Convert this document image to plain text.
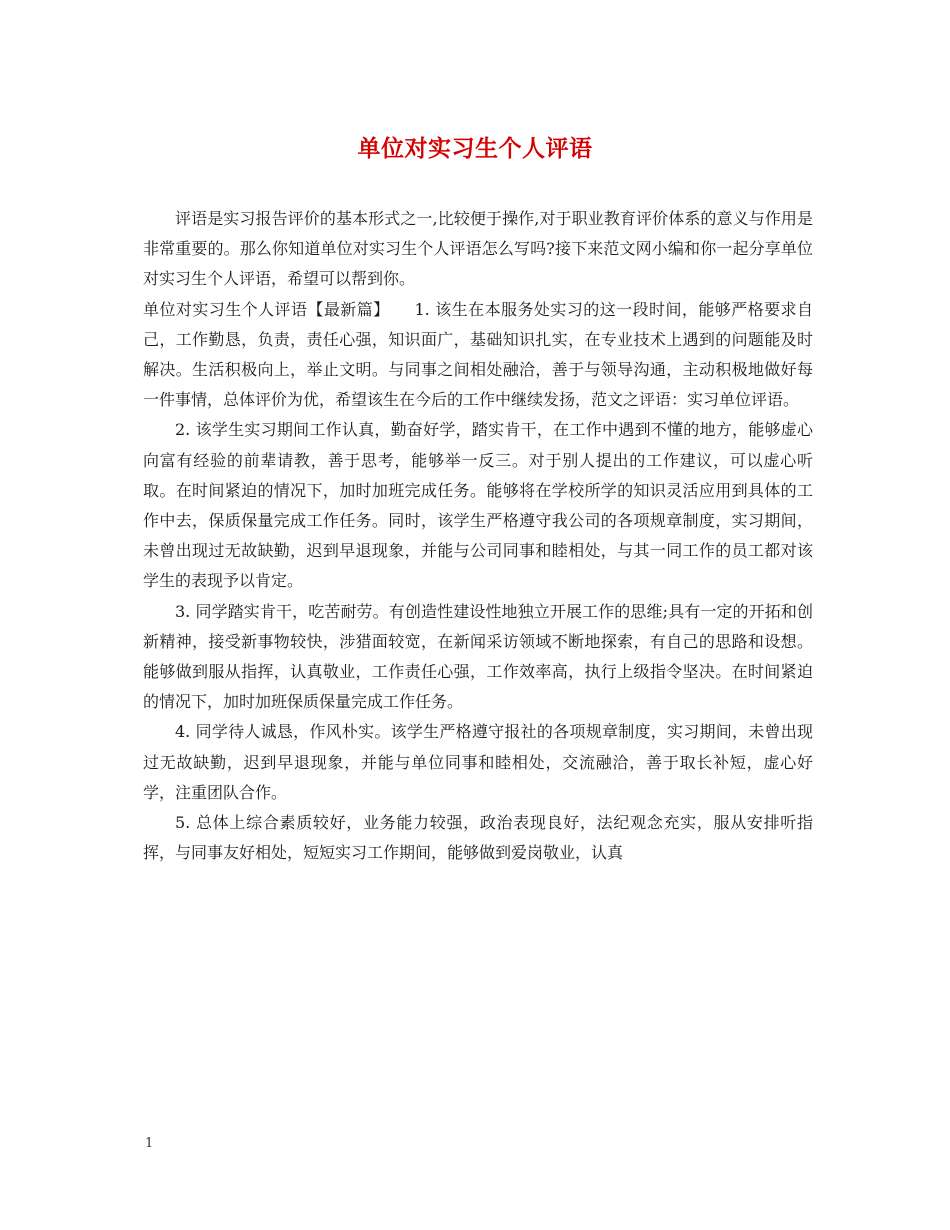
单位对实习生个人评语

评语是实习报告评价的基本形式之一,比较便于操作,对于职业教育评价体系的意义与作用是非常重要的。那么你知道单位对实习生个人评语怎么写吗?接下来范文网小编和你一起分享单位对实习生个人评语，希望可以帮到你。

单位对实习生个人评语【最新篇】　　1. 该生在本服务处实习的这一段时间，能够严格要求自己，工作勤恳，负责，责任心强，知识面广，基础知识扎实，在专业技术上遇到的问题能及时解决。生活积极向上，举止文明。与同事之间相处融洽，善于与领导沟通，主动积极地做好每一件事情，总体评价为优，希望该生在今后的工作中继续发扬，范文之评语：实习单位评语。

2. 该学生实习期间工作认真，勤奋好学，踏实肯干，在工作中遇到不懂的地方，能够虚心向富有经验的前辈请教，善于思考，能够举一反三。对于别人提出的工作建议，可以虚心听取。在时间紧迫的情况下，加时加班完成任务。能够将在学校所学的知识灵活应用到具体的工作中去，保质保量完成工作任务。同时，该学生严格遵守我公司的各项规章制度，实习期间，未曾出现过无故缺勤，迟到早退现象，并能与公司同事和睦相处，与其一同工作的员工都对该学生的表现予以肯定。

3. 同学踏实肯干，吃苦耐劳。有创造性建设性地独立开展工作的思维;具有一定的开拓和创新精神，接受新事物较快，涉猎面较宽，在新闻采访领域不断地探索，有自己的思路和设想。能够做到服从指挥，认真敬业，工作责任心强，工作效率高，执行上级指令坚决。在时间紧迫的情况下，加时加班保质保量完成工作任务。

4. 同学待人诚恳，作风朴实。该学生严格遵守报社的各项规章制度，实习期间，未曾出现过无故缺勤，迟到早退现象，并能与单位同事和睦相处，交流融洽，善于取长补短，虚心好学，注重团队合作。

5. 总体上综合素质较好，业务能力较强，政治表现良好，法纪观念充实，服从安排听指挥，与同事友好相处，短短实习工作期间，能够做到爱岗敬业，认真

1
